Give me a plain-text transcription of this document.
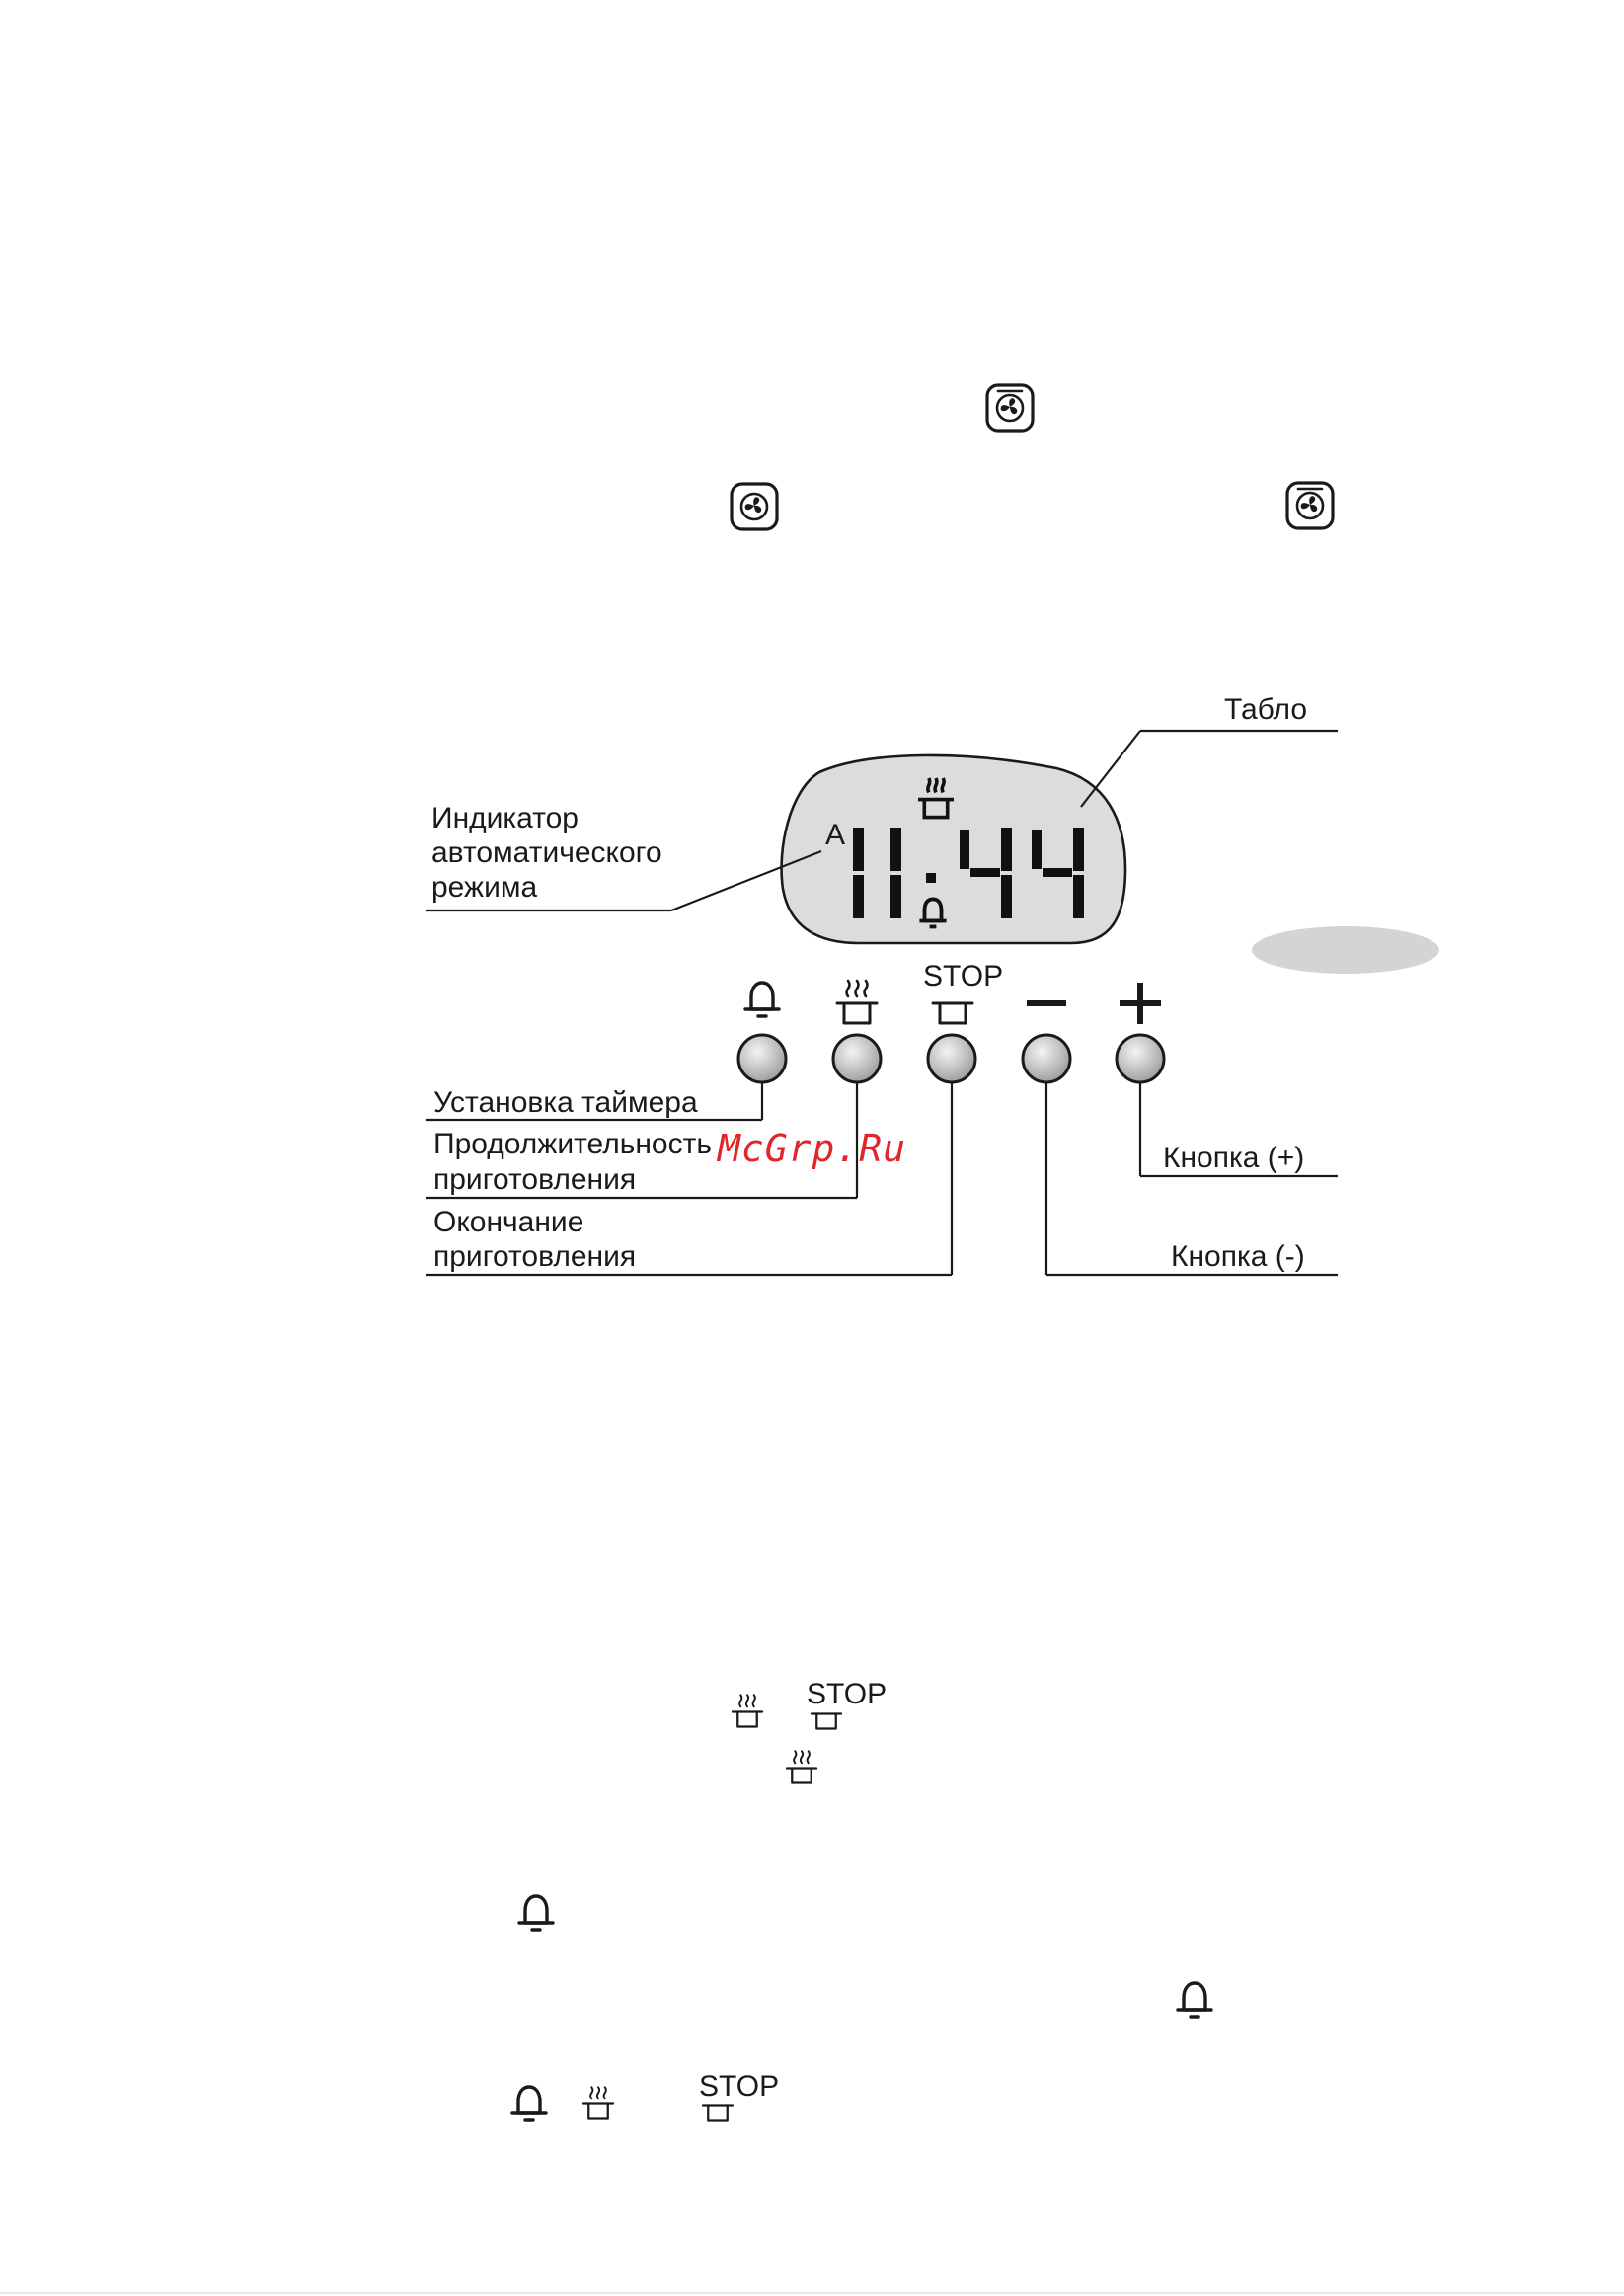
A
Табло
Индикатор
автоматического
режима
STOP
Установка таймера
Продолжительность
приготовления
Окончание
приготовления	Кнопка (-)
Кнопка (+)
McGrp.Ru
STOP
STOP
